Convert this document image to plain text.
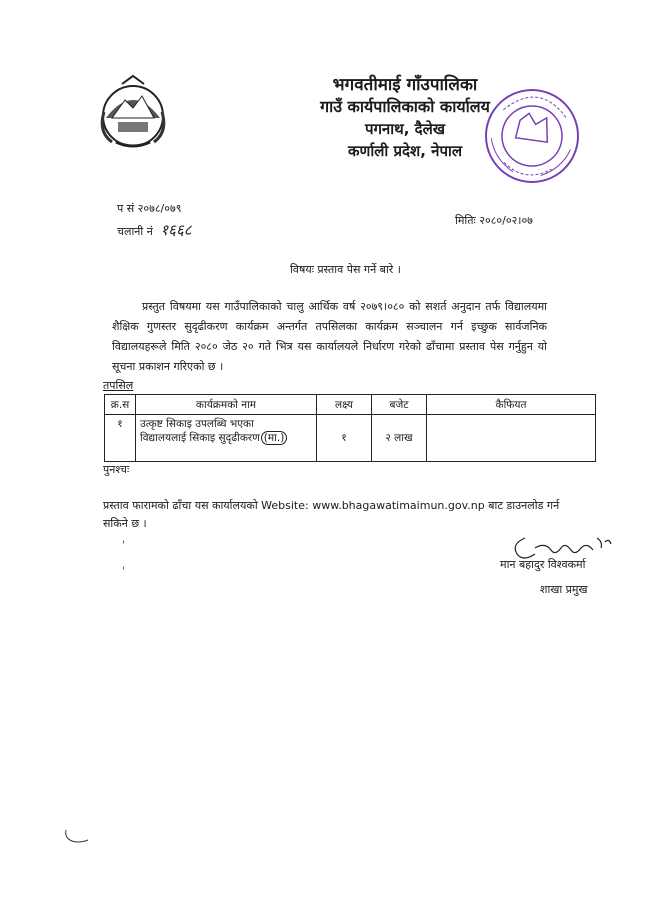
भगवतीमाई गाँउपालिका
गाउँ कार्यपालिकाको कार्यालय
पगनाथ, दैलेख
कर्णाली प्रदेश, नेपाल
प सं २०७८/०७९
चलानी नं १६६८
मितिः २०८०/०२।०७
विषयः प्रस्ताव पेस गर्ने बारे ।
प्रस्तुत विषयमा यस गाउँपालिकाको चालु आर्थिक वर्ष २०७९।०८० को सशर्त अनुदान तर्फ विद्यालयमा शैक्षिक गुणस्तर सुदृढीकरण कार्यक्रम अन्तर्गत तपसिलका कार्यक्रम सञ्चालन गर्न इच्छुक सार्वजनिक विद्यालयहरूले मिति २०८० जेठ २० गते भित्र यस कार्यालयले निर्धारण गरेको ढाँचामा प्रस्ताव पेस गर्नुहुन यो सूचना प्रकाशन गरिएको छ ।
तपसिल
क्र.स	कार्यक्रमको नाम	लक्ष्य	बजेट	कैफियत
१	उत्कृष्ट सिकाइ उपलब्धि भएका
विद्यालयलाई सिकाइ सुदृढीकरण (मा.)	१	२ लाख	
पुनश्चः
प्रस्ताव फारामको ढाँचा यस कार्यालयको Website: www.bhagawatimaimun.gov.np बाट डाउनलोड गर्न सकिने छ ।
ˌ
ˌ	मान बहादुर विश्वकर्मा
शाखा प्रमुख
